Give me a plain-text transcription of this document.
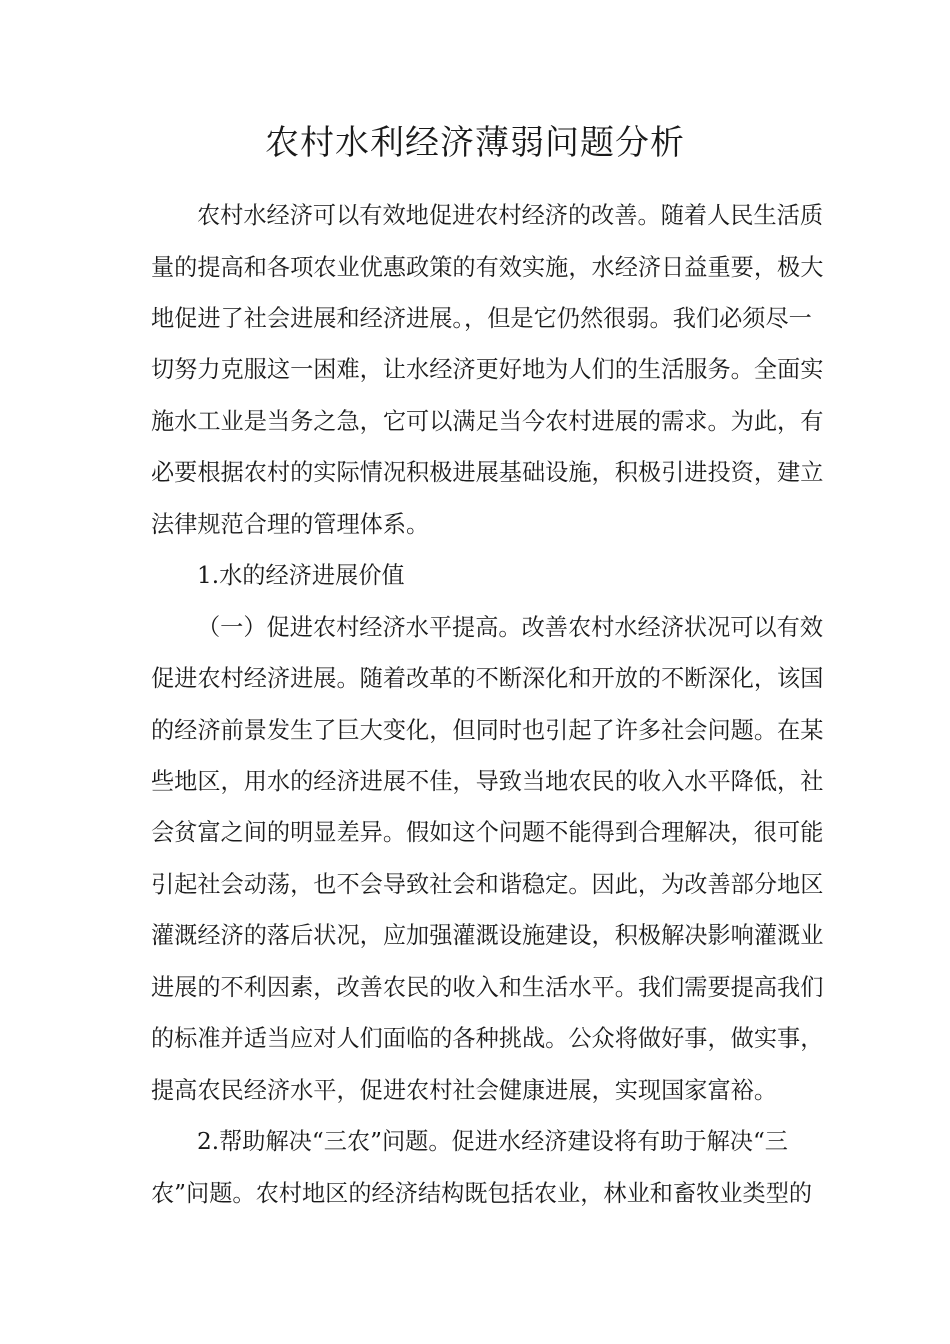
农村水利经济薄弱问题分析
农村水经济可以有效地促进农村经济的改善。随着人民生活质
量的提高和各项农业优惠政策的有效实施，水经济日益重要，极大
地促进了社会进展和经济进展。，但是它仍然很弱。我们必须尽一
切努力克服这一困难，让水经济更好地为人们的生活服务。全面实
施水工业是当务之急，它可以满足当今农村进展的需求。为此，有
必要根据农村的实际情况积极进展基础设施，积极引进投资，建立
法律规范合理的管理体系。
1.水的经济进展价值
（一）促进农村经济水平提高。改善农村水经济状况可以有效
促进农村经济进展。随着改革的不断深化和开放的不断深化，该国
的经济前景发生了巨大变化，但同时也引起了许多社会问题。在某
些地区，用水的经济进展不佳，导致当地农民的收入水平降低，社
会贫富之间的明显差异。假如这个问题不能得到合理解决，很可能
引起社会动荡，也不会导致社会和谐稳定。因此，为改善部分地区
灌溉经济的落后状况，应加强灌溉设施建设，积极解决影响灌溉业
进展的不利因素，改善农民的收入和生活水平。我们需要提高我们
的标准并适当应对人们面临的各种挑战。公众将做好事，做实事，
提高农民经济水平，促进农村社会健康进展，实现国家富裕。
2.帮助解决“三农”问题。促进水经济建设将有助于解决“三
农”问题。农村地区的经济结构既包括农业，林业和畜牧业类型的
